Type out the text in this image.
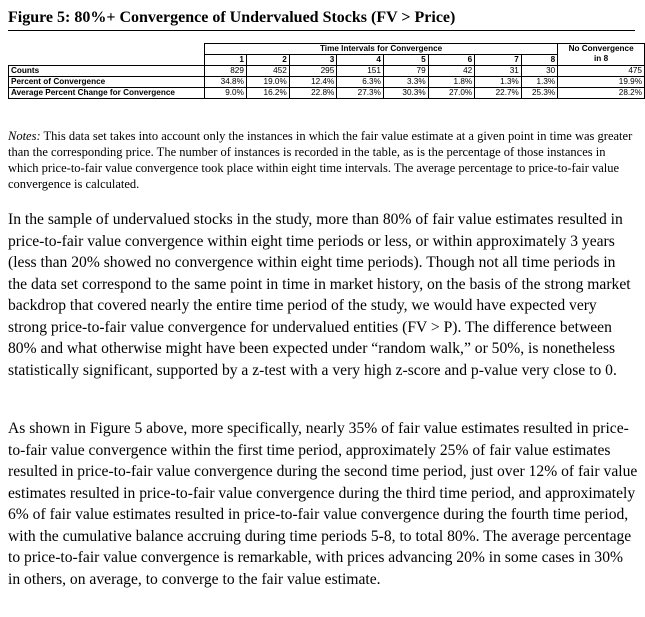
Figure 5: 80%+ Convergence of Undervalued Stocks (FV > Price)
	Time Intervals for Convergence								No Convergence
in 8
	1	2	3	4	5	6	7	8	
Counts	829	452	295	151	79	42	31	30	475
Percent of Convergence	34.8%	19.0%	12.4%	6.3%	3.3%	1.8%	1.3%	1.3%	19.9%
Average Percent Change for Convergence	9.0%	16.2%	22.8%	27.3%	30.3%	27.0%	22.7%	25.3%	28.2%
Notes: This data set takes into account only the instances in which the fair value estimate at a given point in time was greater than the corresponding price. The number of instances is recorded in the table, as is the percentage of those instances in which price-to-fair value convergence took place within eight time intervals. The average percentage to price-to-fair value convergence is calculated.
In the sample of undervalued stocks in the study, more than 80% of fair value estimates resulted in price-to-fair value convergence within eight time periods or less, or within approximately 3 years (less than 20% showed no convergence within eight time periods). Though not all time periods in the data set correspond to the same point in time in market history, on the basis of the strong market backdrop that covered nearly the entire time period of the study, we would have expected very strong price-to-fair value convergence for undervalued entities (FV > P). The difference between 80% and what otherwise might have been expected under “random walk,” or 50%, is nonetheless statistically significant, supported by a z-test with a very high z-score and p-value very close to 0.
As shown in Figure 5 above, more specifically, nearly 35% of fair value estimates resulted in price-to-fair value convergence within the first time period, approximately 25% of fair value estimates resulted in price-to-fair value convergence during the second time period, just over 12% of fair value estimates resulted in price-to-fair value convergence during the third time period, and approximately 6% of fair value estimates resulted in price-to-fair value convergence during the fourth time period, with the cumulative balance accruing during time periods 5-8, to total 80%. The average percentage to price-to-fair value convergence is remarkable, with prices advancing 20% in some cases in 30% in others, on average, to converge to the fair value estimate.
